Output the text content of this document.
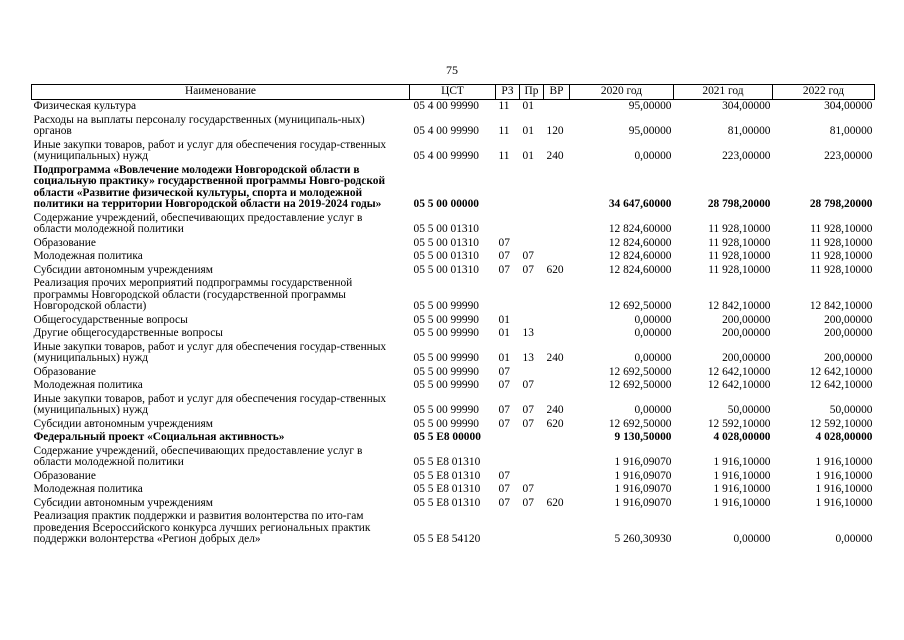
75
Наименование	ЦСТ	РЗ	Пр	ВР	2020 год	2021 год	2022 год
Физическая культура	05 4 00 99990	11	01		95,00000	304,00000	304,00000
Расходы на выплаты персоналу государственных (муниципаль-ных) органов	05 4 00 99990	11	01	120	95,00000	81,00000	81,00000
Иные закупки товаров, работ и услуг для обеспечения государ-ственных (муниципальных) нужд	05 4 00 99990	11	01	240	0,00000	223,00000	223,00000
Подпрограмма «Вовлечение молодежи Новгородской области в социальную практику» государственной программы Новго-родской области «Развитие физической культуры, спорта и молодежной политики на территории Новгородской области на 2019-2024 годы»	05 5 00 00000				34 647,60000	28 798,20000	28 798,20000
Содержание учреждений, обеспечивающих предоставление услуг в области молодежной политики	05 5 00 01310				12 824,60000	11 928,10000	11 928,10000
Образование	05 5 00 01310	07			12 824,60000	11 928,10000	11 928,10000
Молодежная политика	05 5 00 01310	07	07		12 824,60000	11 928,10000	11 928,10000
Субсидии автономным учреждениям	05 5 00 01310	07	07	620	12 824,60000	11 928,10000	11 928,10000
Реализация прочих мероприятий подпрограммы государственной программы Новгородской области (государственной программы Новгородской области)	05 5 00 99990				12 692,50000	12 842,10000	12 842,10000
Общегосударственные вопросы	05 5 00 99990	01			0,00000	200,00000	200,00000
Другие общегосударственные вопросы	05 5 00 99990	01	13		0,00000	200,00000	200,00000
Иные закупки товаров, работ и услуг для обеспечения государ-ственных (муниципальных) нужд	05 5 00 99990	01	13	240	0,00000	200,00000	200,00000
Образование	05 5 00 99990	07			12 692,50000	12 642,10000	12 642,10000
Молодежная политика	05 5 00 99990	07	07		12 692,50000	12 642,10000	12 642,10000
Иные закупки товаров, работ и услуг для обеспечения государ-ственных (муниципальных) нужд	05 5 00 99990	07	07	240	0,00000	50,00000	50,00000
Субсидии автономным учреждениям	05 5 00 99990	07	07	620	12 692,50000	12 592,10000	12 592,10000
Федеральный проект «Социальная активность»	05 5 E8 00000				9 130,50000	4 028,00000	4 028,00000
Содержание учреждений, обеспечивающих предоставление услуг в области молодежной политики	05 5 E8 01310				1 916,09070	1 916,10000	1 916,10000
Образование	05 5 E8 01310	07			1 916,09070	1 916,10000	1 916,10000
Молодежная политика	05 5 E8 01310	07	07		1 916,09070	1 916,10000	1 916,10000
Субсидии автономным учреждениям	05 5 E8 01310	07	07	620	1 916,09070	1 916,10000	1 916,10000
Реализация практик поддержки и развития волонтерства по ито-гам проведения Всероссийского конкурса лучших региональных практик поддержки волонтерства «Регион добрых дел»	05 5 E8 54120				5 260,30930	0,00000	0,00000
